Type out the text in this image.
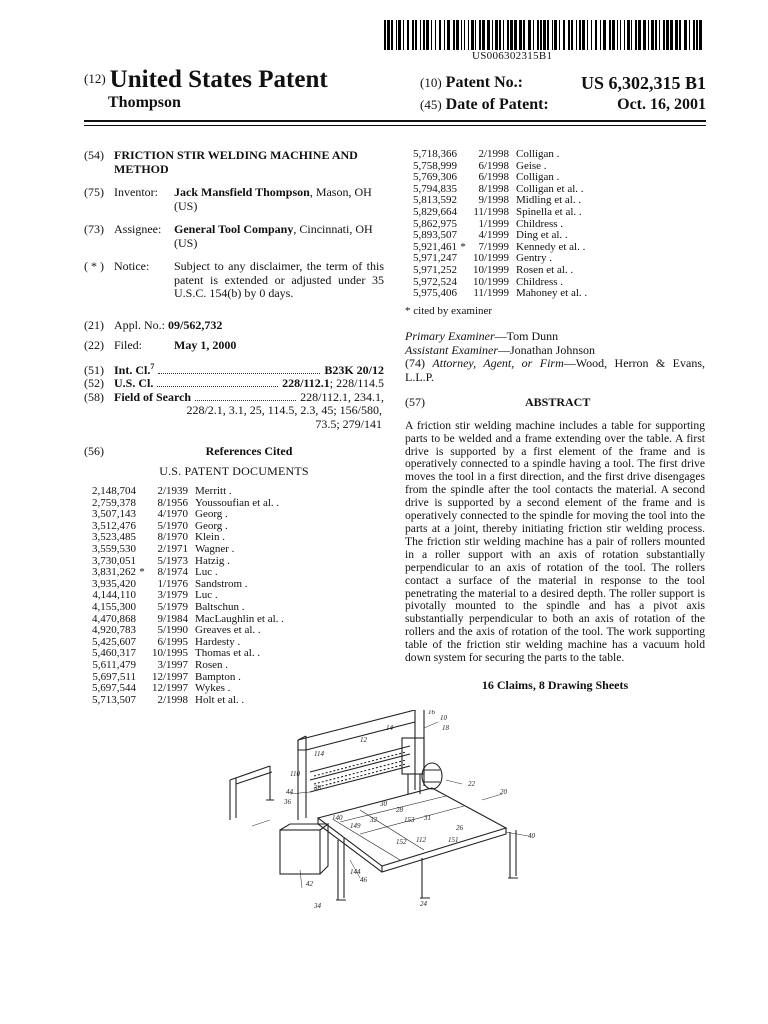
US006302315B1
$^{(12)}$ United States Patent
Thompson
(10) Patent No.:	US 6,302,315 B1
(45) Date of Patent:	Oct. 16, 2001
(54) FRICTION STIR WELDING MACHINE AND METHOD
(75) Inventor:	Jack Mansfield Thompson, Mason, OH (US)
(73) Assignee:	General Tool Company, Cincinnati, OH (US)
( * ) Notice:	Subject to any disclaimer, the term of this patent is extended or adjusted under 35 U.S.C. 154(b) by 0 days.
(21) Appl. No.:
09/562,732
(22) Filed:	May 1, 2000
(51) Int. Cl.$^7$	B23K 20/12
(52) U.S. Cl.	228/112.1; 228/114.5
(58) Field of Search	228/112.1, 234.1,
228/2.1, 3.1, 25, 114.5, 2.3, 45; 156/580,
73.5; 279/141
(56)	References Cited
U.S. PATENT DOCUMENTS
2,148,704		2/1939	Merritt .
2,759,378		8/1956	Youssoufian et al. .
3,507,143		4/1970	Georg .
3,512,476		5/1970	Georg .
3,523,485		8/1970	Klein .
3,559,530		2/1971	Wagner .
3,730,051		5/1973	Hatzig .
3,831,262	*	8/1974	Luc .
3,935,420		1/1976	Sandstrom .
4,144,110		3/1979	Luc .
4,155,300		5/1979	Baltschun .
4,470,868		9/1984	MacLaughlin et al. .
4,920,783		5/1990	Greaves et al. .
5,425,607		6/1995	Hardesty .
5,460,317		10/1995	Thomas et al. .
5,611,479		3/1997	Rosen .
5,697,511		12/1997	Bampton .
5,697,544		12/1997	Wykes .
5,713,507		2/1998	Holt et al. .
5,718,366		2/1998	Colligan .
5,758,999		6/1998	Geise .
5,769,306		6/1998	Colligan .
5,794,835		8/1998	Colligan et al. .
5,813,592		9/1998	Midling et al. .
5,829,664		11/1998	Spinella et al. .
5,862,975		1/1999	Childress .
5,893,507		4/1999	Ding et al. .
5,921,461	*	7/1999	Kennedy et al. .
5,971,247		10/1999	Gentry .
5,971,252		10/1999	Rosen et al. .
5,972,524		10/1999	Childress .
5,975,406		11/1999	Mahoney et al. .
* cited by examiner
Primary Examiner—Tom Dunn
Assistant Examiner—Jonathan Johnson
(74) Attorney, Agent, or Firm—Wood, Herron & Evans, L.L.P.
(57)	ABSTRACT
A friction stir welding machine includes a table for supporting parts to be welded and a frame extending over the table. A first drive is supported by a first element of the frame and is operatively connected to a spindle having a tool. The first drive moves the tool in a first direction, and the first drive disengages from the spindle after the tool contacts the material. A second drive is supported by a second element of the frame and is operatively connected to the spindle for moving the tool into the parts at a joint, thereby initiating friction stir welding process. The friction stir welding machine has a pair of rollers mounted in a roller support with an axis of rotation substantially perpendicular to an axis of rotation of the tool. The rollers contact a surface of the material in response to the tool penetrating the material to a desired depth. The roller support is pivotally mounted to the spindle and has a pivot axis substantially perpendicular to both an axis of rotation of the rollers and the axis of rotation of the tool. The work supporting table of the friction stir welding machine has a vacuum hold down system for securing the parts to the table.
16 Claims, 8 Drawing Sheets
10
18
16
12
14
20
22
24
26
28
30
31
32
34
36
38
40
42
44
46
112
110
114
140
144
149
151
152
153
